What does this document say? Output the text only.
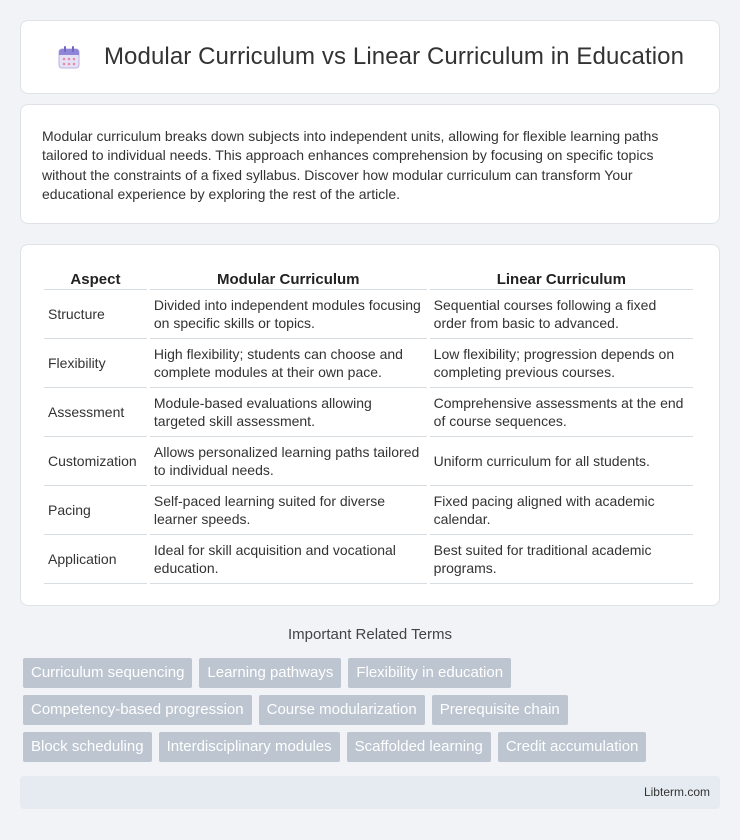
Modular Curriculum vs Linear Curriculum in Education

Modular curriculum breaks down subjects into independent units, allowing for flexible learning paths tailored to individual needs. This approach enhances comprehension by focusing on specific topics without the constraints of a fixed syllabus. Discover how modular curriculum can transform Your educational experience by exploring the rest of the article.

Aspect	Modular Curriculum	Linear Curriculum
Structure	Divided into independent modules focusing on specific skills or topics.	Sequential courses following a fixed order from basic to advanced.
Flexibility	High flexibility; students can choose and complete modules at their own pace.	Low flexibility; progression depends on completing previous courses.
Assessment	Module-based evaluations allowing targeted skill assessment.	Comprehensive assessments at the end of course sequences.
Customization	Allows personalized learning paths tailored to individual needs.	Uniform curriculum for all students.
Pacing	Self-paced learning suited for diverse learner speeds.	Fixed pacing aligned with academic calendar.
Application	Ideal for skill acquisition and vocational education.	Best suited for traditional academic programs.
Important Related Terms
Curriculum sequencing	Learning pathways	Flexibility in education
Competency-based progression	Course modularization	Prerequisite chain
Block scheduling	Interdisciplinary modules	Scaffolded learning	Credit accumulation
Libterm.com
